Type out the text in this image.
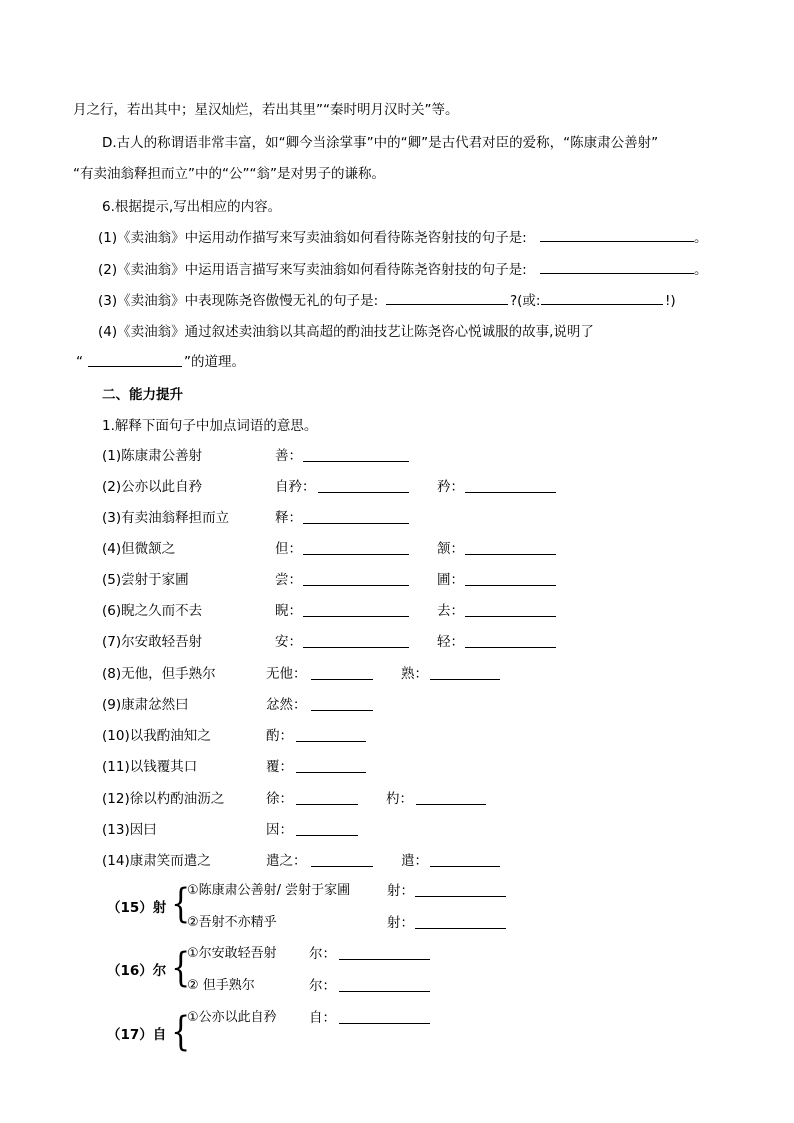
月之行，若出其中；星汉灿烂，若出其里”“秦时明月汉时关”等。
D.古人的称谓语非常丰富，如“卿今当涂掌事”中的“卿”是古代君对臣的爱称，“陈康肃公善射”
“有卖油翁释担而立”中的“公”“翁”是对男子的谦称。
6.根据提示,写出相应的内容。
(1)《卖油翁》中运用动作描写来写卖油翁如何看待陈尧咨射技的句子是:	。
(2)《卖油翁》中运用语言描写来写卖油翁如何看待陈尧咨射技的句子是:	。
(3)《卖油翁》中表现陈尧咨傲慢无礼的句子是:	?(或:	!)
(4)《卖油翁》通过叙述卖油翁以其高超的酌油技艺让陈尧咨心悦诚服的故事,说明了
“	”的道理。
二、能力提升
1.解释下面句子中加点词语的意思。
(1)陈康肃公善射	善：
(2)公亦以此自矜	自矜：	矜：
(3)有卖油翁释担而立	释：
(4)但微颔之	但：	颔：
(5)尝射于家圃	尝：	圃：
(6)睨之久而不去	睨：	去：
(7)尔安敢轻吾射	安：	轻：
(8)无他，但手熟尔	无他：	熟：
(9)康肃忿然曰	忿然：
(10)以我酌油知之	酌：
(11)以钱覆其口	覆：
(12)徐以杓酌油沥之	徐：	杓：
(13)因曰	因：
(14)康肃笑而遣之	遣之：	遣：
（15）射 {
①陈康肃公善射/ 尝射于家圃	射：
②吾射不亦精乎	射：
（16）尔 {
①尔安敢轻吾射 尔：
② 但手熟尔	尔：
（17）自 {
①公亦以此自矜 自：
